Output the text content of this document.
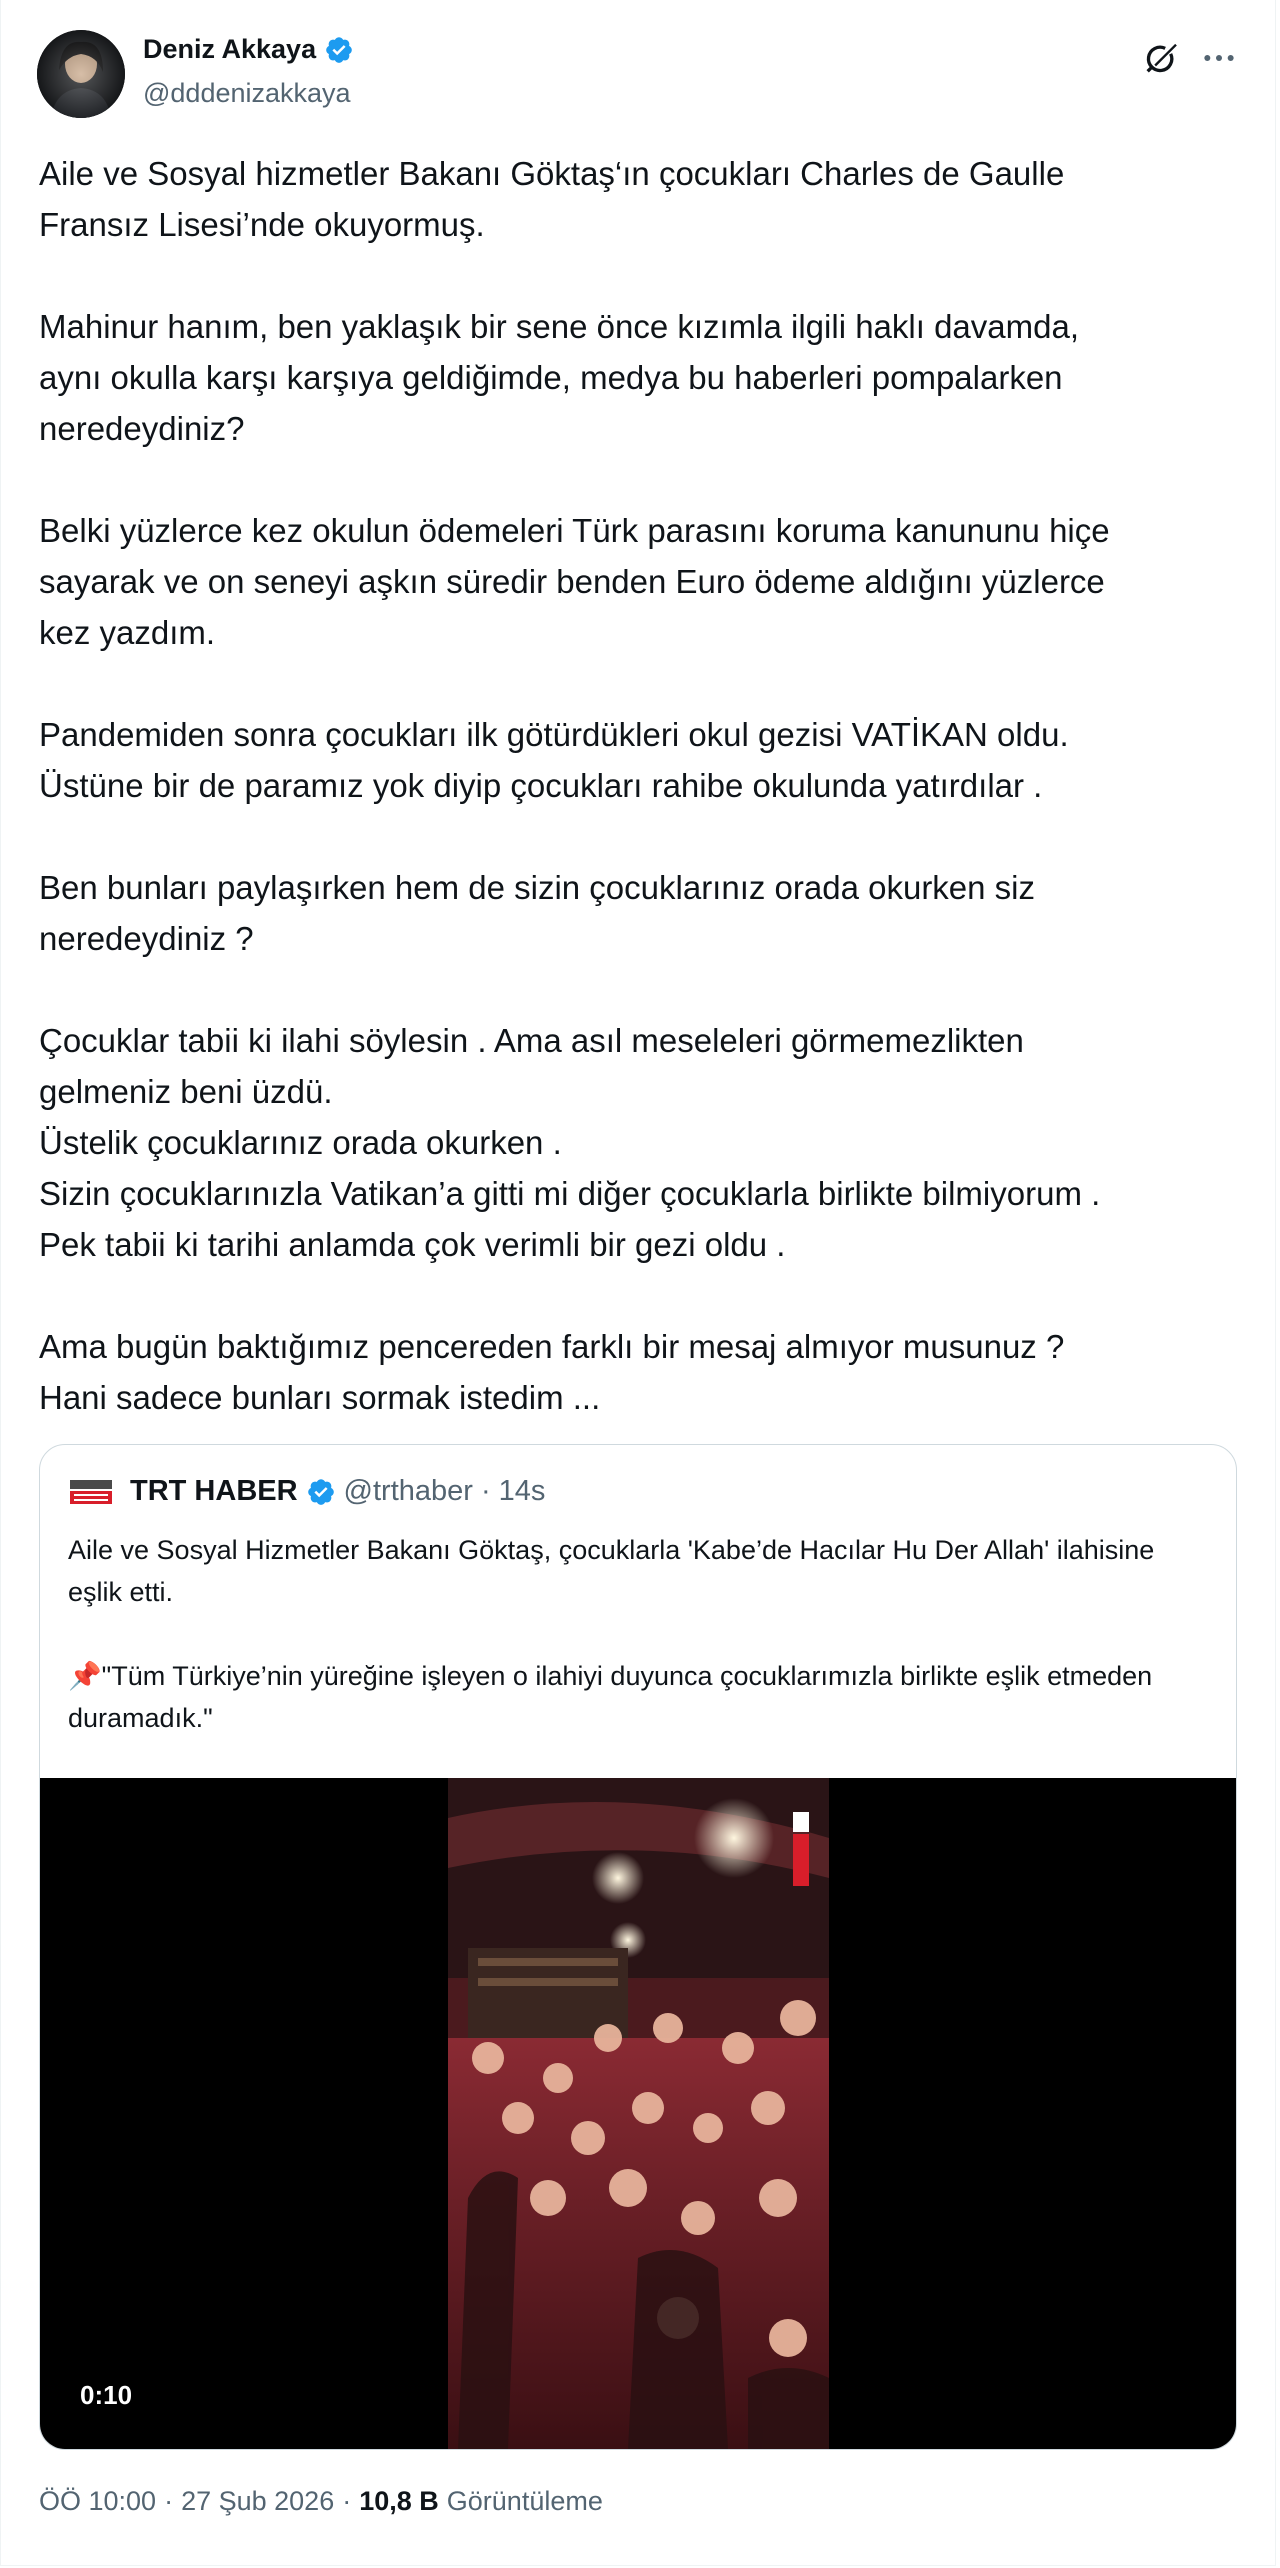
Deniz Akkaya
@dddenizakkaya

Aile ve Sosyal hizmetler Bakanı Göktaş‘ın çocukları Charles de Gaulle
Fransız Lisesi’nde okuyormuş.

Mahinur hanım, ben yaklaşık bir sene önce kızımla ilgili haklı davamda,
aynı okulla karşı karşıya geldiğimde, medya bu haberleri pompalarken
neredeydiniz?

Belki yüzlerce kez okulun ödemeleri Türk parasını koruma kanununu hiçe
sayarak ve on seneyi aşkın süredir benden Euro ödeme aldığını yüzlerce
kez yazdım.

Pandemiden sonra çocukları ilk götürdükleri okul gezisi VATİKAN oldu.
Üstüne bir de paramız yok diyip çocukları rahibe okulunda yatırdılar .

Ben bunları paylaşırken hem de sizin çocuklarınız orada okurken siz
neredeydiniz ?

Çocuklar tabii ki ilahi söylesin . Ama asıl meseleleri görmemezlikten
gelmeniz beni üzdü.
Üstelik çocuklarınız orada okurken .
Sizin çocuklarınızla Vatikan’a gitti mi diğer çocuklarla birlikte bilmiyorum .
Pek tabii ki tarihi anlamda çok verimli bir gezi oldu .

Ama bugün baktığımız pencereden farklı bir mesaj almıyor musunuz ?
Hani sadece bunları sormak istedim ...

TRT HABER @trthaber · 14s

Aile ve Sosyal Hizmetler Bakanı Göktaş, çocuklarla 'Kabe’de Hacılar Hu Der Allah' ilahisine eşlik etti.

📌"Tüm Türkiye’nin yüreğine işleyen o ilahiyi duyunca çocuklarımızla birlikte eşlik etmeden duramadık."

0:10
ÖÖ 10:00 · 27 Şub 2026 · 10,8 B Görüntüleme
